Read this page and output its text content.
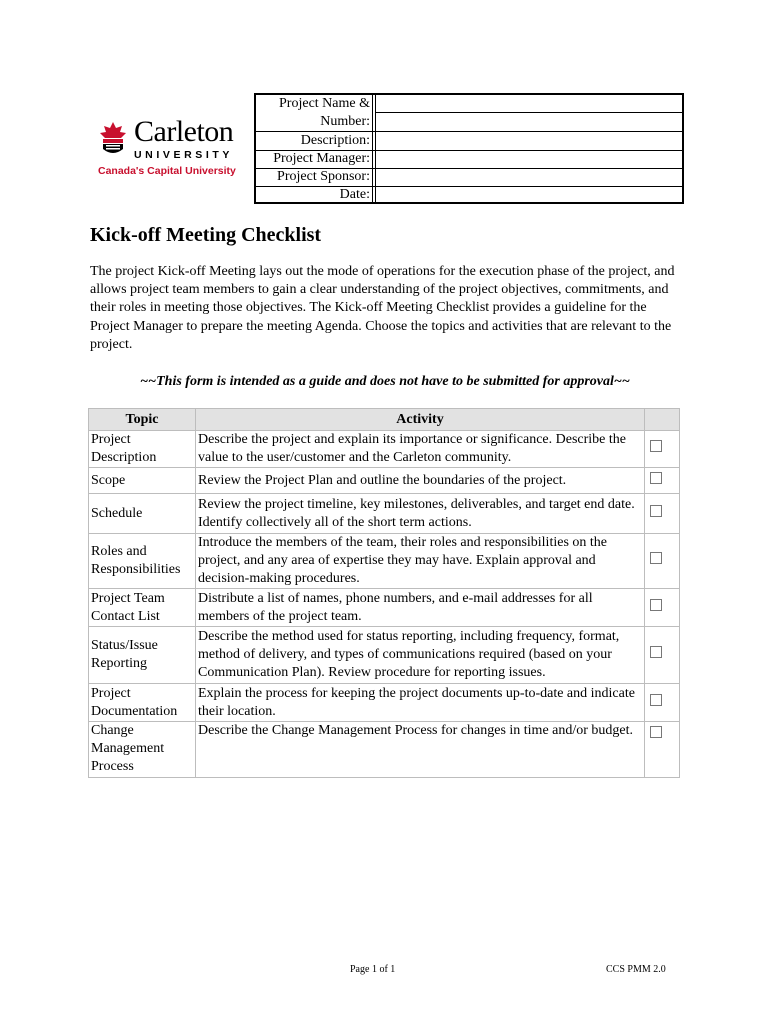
Carleton
UNIVERSITY
Canada's Capital University
Project Name &
Number:
Description:
Project Manager:
Project Sponsor:
Date:
Kick-off Meeting Checklist
The project Kick-off Meeting lays out the mode of operations for the execution phase of the project, and allows project team members to gain a clear understanding of the project objectives, commitments, and their roles in meeting those objectives. The Kick-off Meeting Checklist provides a guideline for the Project Manager to prepare the meeting Agenda. Choose the topics and activities that are relevant to the project.
~~This form is intended as a guide and does not have to be submitted for approval~~
Topic	Activity	
Project Description	Describe the project and explain its importance or significance. Describe the value to the user/customer and the Carleton community.	
Scope	Review the Project Plan and outline the boundaries of the project.	
Schedule	Review the project timeline, key milestones, deliverables, and target end date. Identify collectively all of the short term actions.	
Roles and Responsibilities	Introduce the members of the team, their roles and responsibilities on the project, and any area of expertise they may have. Explain approval and decision-making procedures.	
Project Team Contact List	Distribute a list of names, phone numbers, and e-mail addresses for all members of the project team.	
Status/Issue Reporting	Describe the method used for status reporting, including frequency, format, method of delivery, and types of communications required (based on your Communication Plan). Review procedure for reporting issues.	
Project Documentation	Explain the process for keeping the project documents up-to-date and indicate their location.	
Change Management Process	Describe the Change Management Process for changes in time and/or budget.	
Page 1 of 1	CCS PMM 2.0
